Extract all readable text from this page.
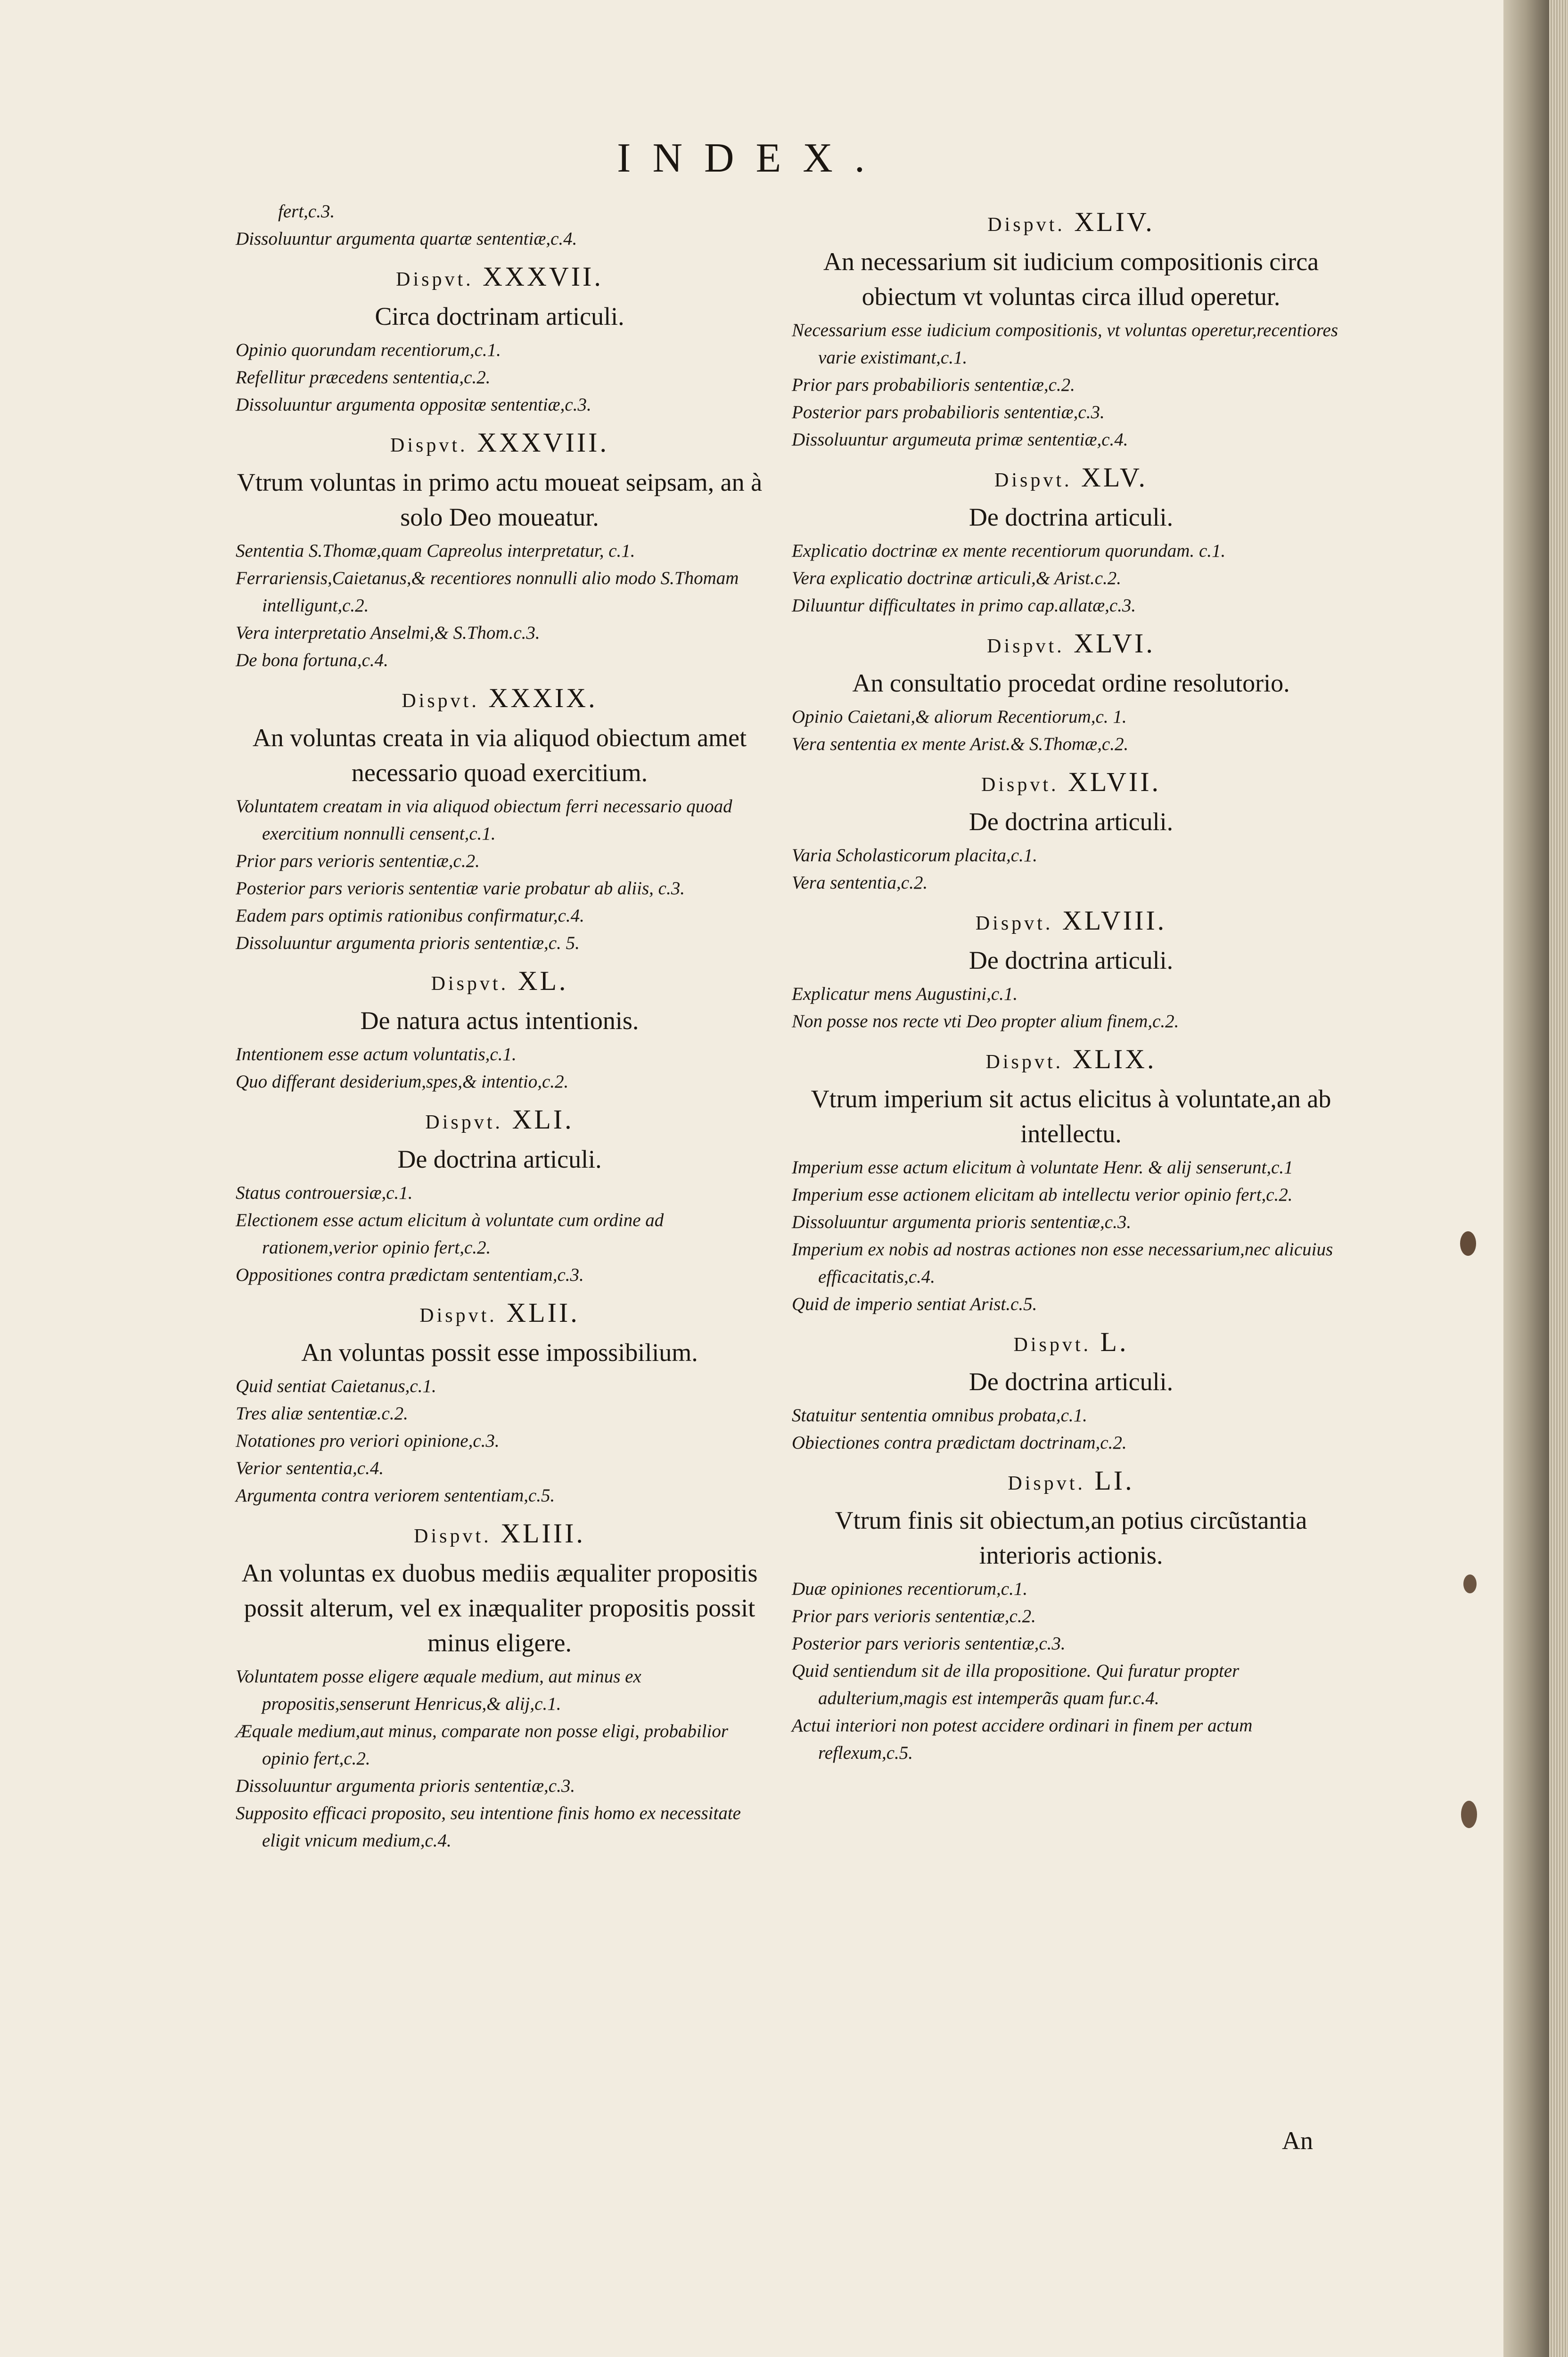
INDEX.

fert,c.3.

Dissoluuntur argumenta quartæ sententiæ,c.4.

Dispvt. XXXVII.
Circa doctrinam articuli.

Opinio quorundam recentiorum,c.1.

Refellitur præcedens sententia,c.2.

Dissoluuntur argumenta oppositæ sententiæ,c.3.

Dispvt. XXXVIII.
Vtrum voluntas in primo actu moueat seipsam, an à solo Deo moueatur.

Sententia S.Thomæ,quam Capreolus interpretatur, c.1.

Ferrariensis,Caietanus,& recentiores nonnulli alio modo S.Thomam intelligunt,c.2.

Vera interpretatio Anselmi,& S.Thom.c.3.

De bona fortuna,c.4.

Dispvt. XXXIX.
An voluntas creata in via aliquod obiectum amet necessario quoad exercitium.

Voluntatem creatam in via aliquod obiectum ferri necessario quoad exercitium nonnulli censent,c.1.

Prior pars verioris sententiæ,c.2.

Posterior pars verioris sententiæ varie probatur ab aliis, c.3.

Eadem pars optimis rationibus confirmatur,c.4.

Dissoluuntur argumenta prioris sententiæ,c. 5.

Dispvt. XL.
De natura actus intentionis.

Intentionem esse actum voluntatis,c.1.

Quo differant desiderium,spes,& intentio,c.2.

Dispvt. XLI.
De doctrina articuli.

Status controuersiæ,c.1.

Electionem esse actum elicitum à voluntate cum ordine ad rationem,verior opinio fert,c.2.

Oppositiones contra prædictam sententiam,c.3.

Dispvt. XLII.
An voluntas possit esse impossibilium.

Quid sentiat Caietanus,c.1.

Tres aliæ sententiæ.c.2.

Notationes pro veriori opinione,c.3.

Verior sententia,c.4.

Argumenta contra veriorem sententiam,c.5.

Dispvt. XLIII.
An voluntas ex duobus mediis æqualiter propositis possit alterum, vel ex inæqualiter propositis possit minus eligere.

Voluntatem posse eligere æquale medium, aut minus ex propositis,senserunt Henricus,& alij,c.1.

Æquale medium,aut minus, comparate non posse eligi, probabilior opinio fert,c.2.

Dissoluuntur argumenta prioris sententiæ,c.3.

Supposito efficaci proposito, seu intentione finis homo ex necessitate eligit vnicum medium,c.4.

Dispvt. XLIV.
An necessarium sit iudicium compositionis circa obiectum vt voluntas circa illud operetur.

Necessarium esse iudicium compositionis, vt voluntas operetur,recentiores varie existimant,c.1.

Prior pars probabilioris sententiæ,c.2.

Posterior pars probabilioris sententiæ,c.3.

Dissoluuntur argumeuta primæ sententiæ,c.4.

Dispvt. XLV.
De doctrina articuli.

Explicatio doctrinæ ex mente recentiorum quorundam. c.1.

Vera explicatio doctrinæ articuli,& Arist.c.2.

Diluuntur difficultates in primo cap.allatæ,c.3.

Dispvt. XLVI.
An consultatio procedat ordine resolutorio.

Opinio Caietani,& aliorum Recentiorum,c. 1.

Vera sententia ex mente Arist.& S.Thomæ,c.2.

Dispvt. XLVII.
De doctrina articuli.

Varia Scholasticorum placita,c.1.

Vera sententia,c.2.

Dispvt. XLVIII.
De doctrina articuli.

Explicatur mens Augustini,c.1.

Non posse nos recte vti Deo propter alium finem,c.2.

Dispvt. XLIX.
Vtrum imperium sit actus elicitus à voluntate,an ab intellectu.

Imperium esse actum elicitum à voluntate Henr. & alij senserunt,c.1

Imperium esse actionem elicitam ab intellectu verior opinio fert,c.2.

Dissoluuntur argumenta prioris sententiæ,c.3.

Imperium ex nobis ad nostras actiones non esse necessarium,nec alicuius efficacitatis,c.4.

Quid de imperio sentiat Arist.c.5.

Dispvt. L.
De doctrina articuli.

Statuitur sententia omnibus probata,c.1.

Obiectiones contra prædictam doctrinam,c.2.

Dispvt. LI.
Vtrum finis sit obiectum,an potius circũstantia interioris actionis.

Duæ opiniones recentiorum,c.1.

Prior pars verioris sententiæ,c.2.

Posterior pars verioris sententiæ,c.3.

Quid sentiendum sit de illa propositione. Qui furatur propter adulterium,magis est intemperãs quam fur.c.4.

Actui interiori non potest accidere ordinari in finem per actum reflexum,c.5.

An
